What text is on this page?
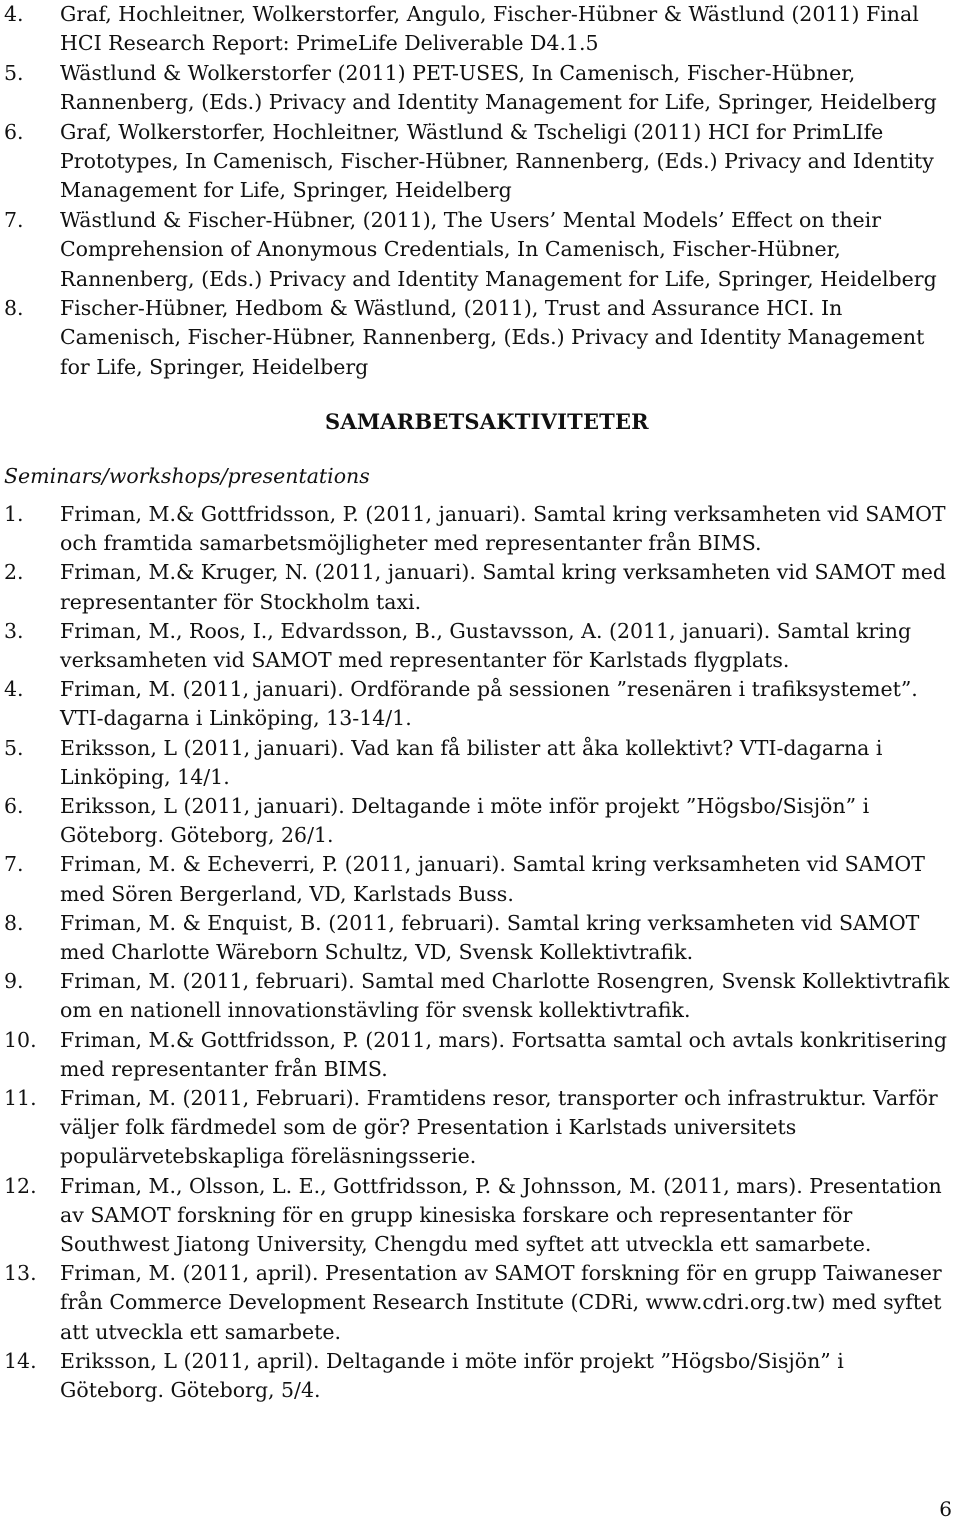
4. Graf, Hochleitner, Wolkerstorfer, Angulo, Fischer-Hübner & Wästlund (2011) Final HCI Research Report: PrimeLife Deliverable D4.1.5
5. Wästlund & Wolkerstorfer (2011) PET-USES, In Camenisch, Fischer-Hübner, Rannenberg, (Eds.) Privacy and Identity Management for Life, Springer, Heidelberg
6. Graf, Wolkerstorfer, Hochleitner, Wästlund & Tscheligi (2011) HCI for PrimLIfe Prototypes, In Camenisch, Fischer-Hübner, Rannenberg, (Eds.) Privacy and Identity Management for Life, Springer, Heidelberg
7. Wästlund & Fischer-Hübner, (2011), The Users’ Mental Models’ Effect on their Comprehension of Anonymous Credentials, In Camenisch, Fischer-Hübner, Rannenberg, (Eds.) Privacy and Identity Management for Life, Springer, Heidelberg
8. Fischer-Hübner, Hedbom & Wästlund, (2011), Trust and Assurance HCI. In Camenisch, Fischer-Hübner, Rannenberg, (Eds.) Privacy and Identity Management for Life, Springer, Heidelberg
SAMARBETSAKTIVITETER
Seminars/workshops/presentations
1. Friman, M.& Gottfridsson, P. (2011, januari). Samtal kring verksamheten vid SAMOT och framtida samarbetsmöjligheter med representanter från BIMS.
2. Friman, M.& Kruger, N. (2011, januari). Samtal kring verksamheten vid SAMOT med representanter för Stockholm taxi.
3. Friman, M., Roos, I., Edvardsson, B., Gustavsson, A. (2011, januari). Samtal kring verksamheten vid SAMOT med representanter för Karlstads flygplats.
4. Friman, M. (2011, januari). Ordförande på sessionen ”resenären i trafiksystemet”. VTI-dagarna i Linköping, 13-14/1.
5. Eriksson, L (2011, januari). Vad kan få bilister att åka kollektivt? VTI-dagarna i Linköping, 14/1.
6. Eriksson, L (2011, januari). Deltagande i möte inför projekt ”Högsbo/Sisjön” i Göteborg. Göteborg, 26/1.
7. Friman, M. & Echeverri, P. (2011, januari). Samtal kring verksamheten vid SAMOT med Sören Bergerland, VD, Karlstads Buss.
8. Friman, M. & Enquist, B. (2011, februari). Samtal kring verksamheten vid SAMOT med Charlotte Wäreborn Schultz, VD, Svensk Kollektivtrafik.
9. Friman, M. (2011, februari). Samtal med Charlotte Rosengren, Svensk Kollektivtrafik om en nationell innovationstävling för svensk kollektivtrafik.
10. Friman, M.& Gottfridsson, P. (2011, mars). Fortsatta samtal och avtals konkritisering med representanter från BIMS.
11. Friman, M. (2011, Februari). Framtidens resor, transporter och infrastruktur. Varför väljer folk färdmedel som de gör? Presentation i Karlstads universitets populärvetebskapliga föreläsningsserie.
12. Friman, M., Olsson, L. E., Gottfridsson, P. & Johnsson, M. (2011, mars). Presentation av SAMOT forskning för en grupp kinesiska forskare och representanter för Southwest Jiatong University, Chengdu med syftet att utveckla ett samarbete.
13. Friman, M. (2011, april). Presentation av SAMOT forskning för en grupp Taiwaneser från Commerce Development Research Institute (CDRi, www.cdri.org.tw) med syftet att utveckla ett samarbete.
14. Eriksson, L (2011, april). Deltagande i möte inför projekt ”Högsbo/Sisjön” i Göteborg. Göteborg, 5/4.
6
